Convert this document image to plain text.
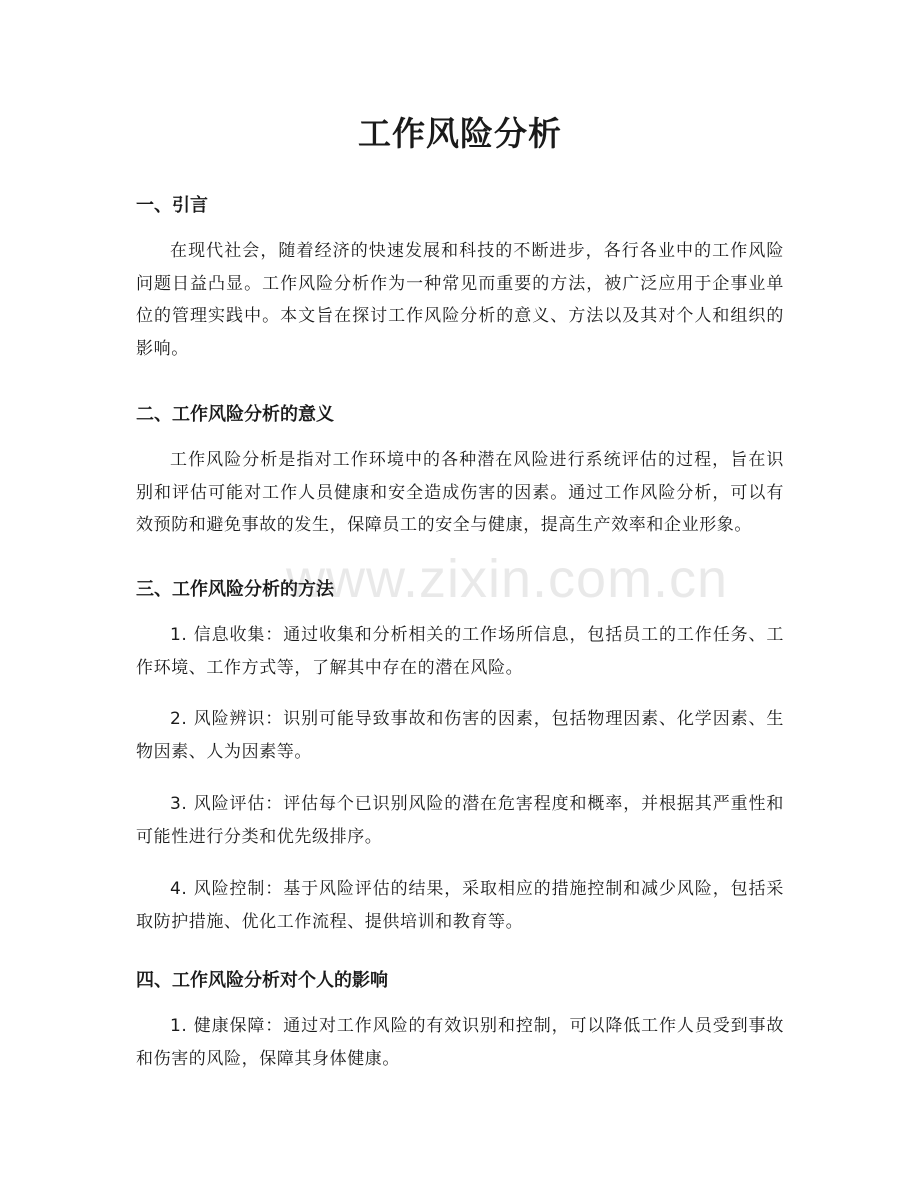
工作风险分析
一、引言

在现代社会，随着经济的快速发展和科技的不断进步，各行各业中的工作风险问题日益凸显。工作风险分析作为一种常见而重要的方法，被广泛应用于企事业单位的管理实践中。本文旨在探讨工作风险分析的意义、方法以及其对个人和组织的影响。

二、工作风险分析的意义

工作风险分析是指对工作环境中的各种潜在风险进行系统评估的过程，旨在识别和评估可能对工作人员健康和安全造成伤害的因素。通过工作风险分析，可以有效预防和避免事故的发生，保障员工的安全与健康，提高生产效率和企业形象。

三、工作风险分析的方法

1. 信息收集：通过收集和分析相关的工作场所信息，包括员工的工作任务、工作环境、工作方式等，了解其中存在的潜在风险。

2. 风险辨识：识别可能导致事故和伤害的因素，包括物理因素、化学因素、生物因素、人为因素等。

3. 风险评估：评估每个已识别风险的潜在危害程度和概率，并根据其严重性和可能性进行分类和优先级排序。

4. 风险控制：基于风险评估的结果，采取相应的措施控制和减少风险，包括采取防护措施、优化工作流程、提供培训和教育等。

四、工作风险分析对个人的影响

1. 健康保障：通过对工作风险的有效识别和控制，可以降低工作人员受到事故和伤害的风险，保障其身体健康。

www.zixin.com.cn
